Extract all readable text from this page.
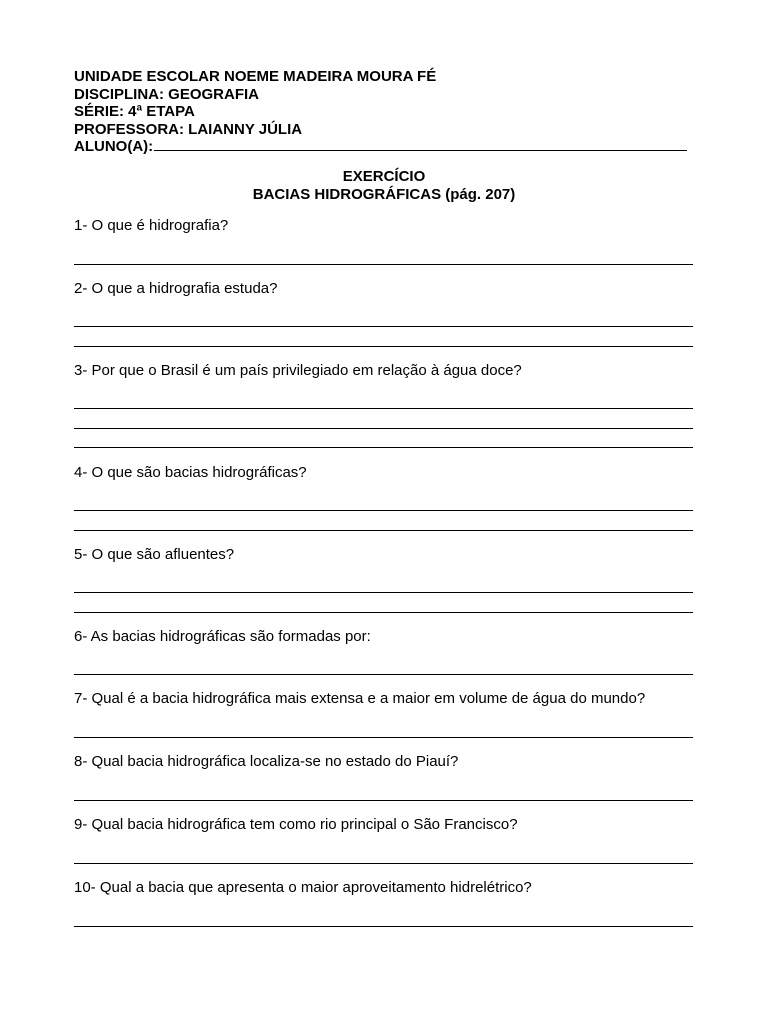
UNIDADE ESCOLAR NOEME MADEIRA MOURA FÉ
DISCIPLINA: GEOGRAFIA
SÉRIE: 4ª ETAPA
PROFESSORA: LAIANNY JÚLIA
ALUNO(A):
EXERCÍCIO
BACIAS HIDROGRÁFICAS (pág. 207)
1- O que é hidrografia?
2- O que a hidrografia estuda?
3- Por que o Brasil é um país privilegiado em relação à água doce?
4- O que são bacias hidrográficas?
5- O que são afluentes?
6- As bacias hidrográficas são formadas por:
7- Qual é a bacia hidrográfica mais extensa e a maior em volume de água do mundo?
8- Qual bacia hidrográfica localiza-se no estado do Piauí?
9- Qual bacia hidrográfica tem como rio principal o São Francisco?
10- Qual a bacia que apresenta o maior aproveitamento hidrelétrico?
